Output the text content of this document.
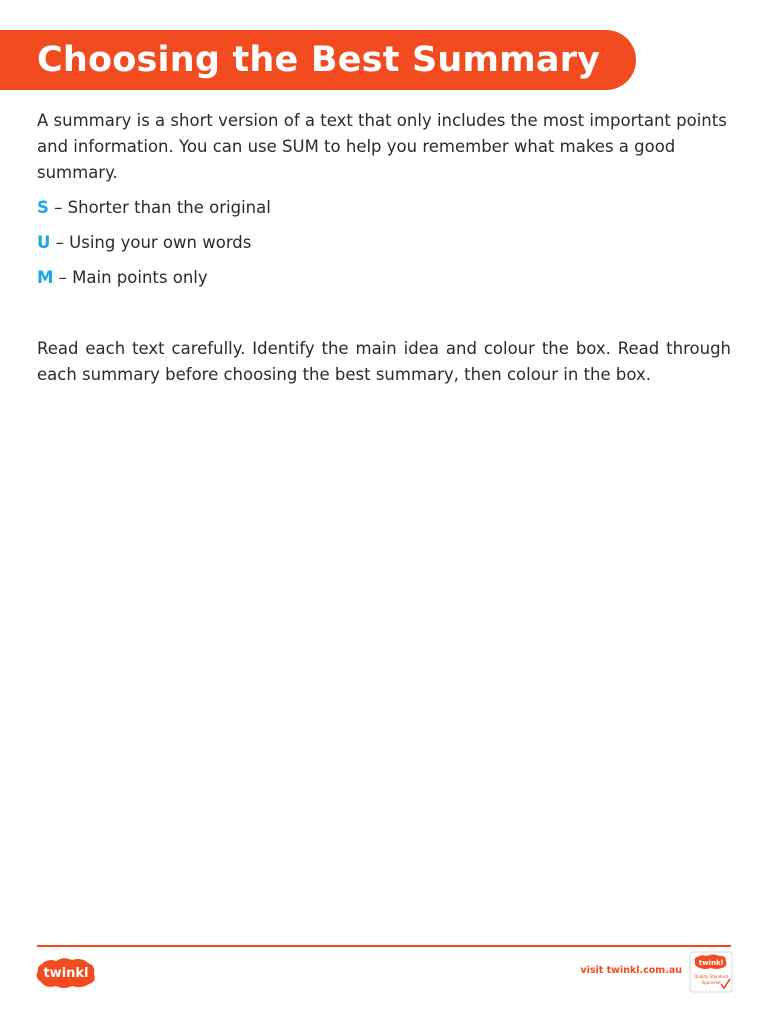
Choosing the Best Summary

A summary is a short version of a text that only includes the most important points and information. You can use SUM to help you remember what makes a good summary.

S – Shorter than the original
U – Using your own words
M – Main points only

Read each text carefully. Identify the main idea and colour the box. Read through each summary before choosing the best summary, then colour in the box.

twinkl	visit twinkl.com.au
twinkl
Quality Standard
Approved
